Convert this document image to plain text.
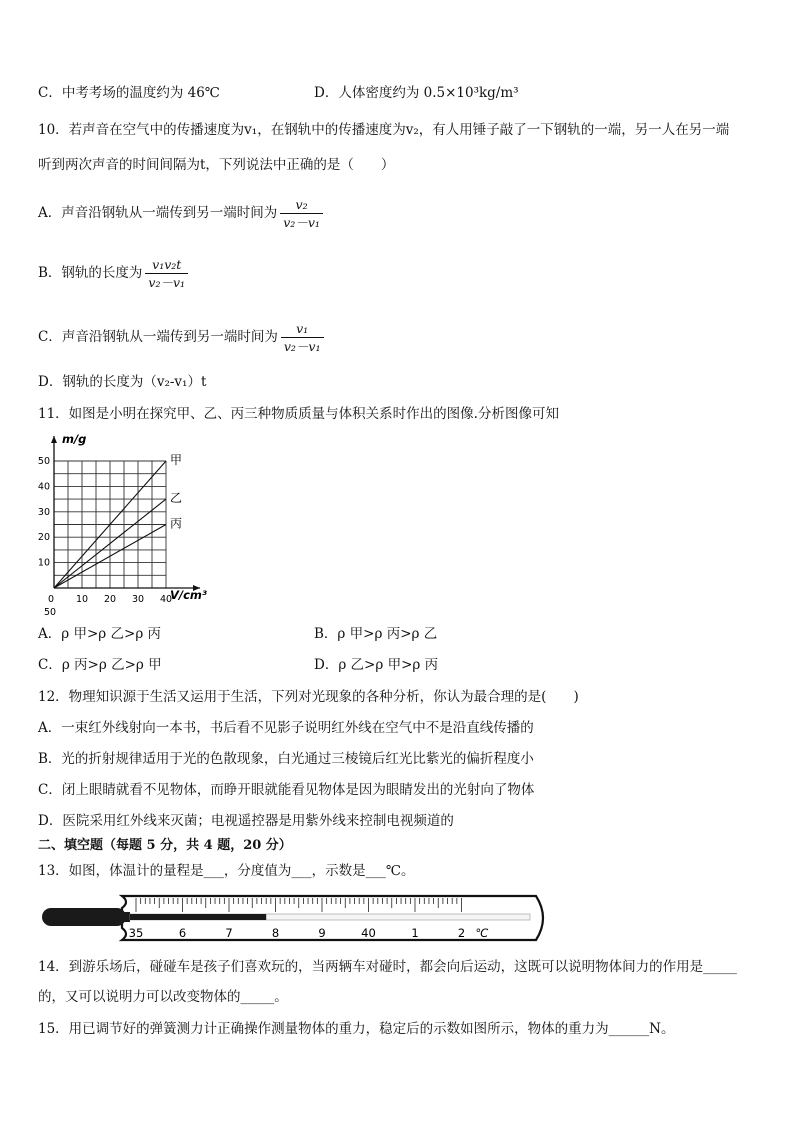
C．中考考场的温度约为 46℃	D．人体密度约为 0.5×10³kg/m³
10．若声音在空气中的传播速度为v₁，在钢轨中的传播速度为v₂，有人用锤子敲了一下钢轨的一端，另一人在另一端
听到两次声音的时间间隔为t，下列说法中正确的是（　　）
A．声音沿钢轨从一端传到另一端时间为 $\frac{\text{v₂}}{\text{v₂－v₁}}$
B．钢轨的长度为 $\frac{\text{v₁v₂t}}{\text{v₂－v₁}}$
C．声音沿钢轨从一端传到另一端时间为 $\frac{\text{v₁}}{\text{v₂－v₁}}$
D．钢轨的长度为（v₂-v₁）t
11．如图是小明在探究甲、乙、丙三种物质质量与体积关系时作出的图像.分析图像可知
甲
乙
丙
0 10 20 30 40
10
20
30
40
50
50
m/g
V/cm³
A．ρ 甲>ρ 乙>ρ 丙	B．ρ 甲>ρ 丙>ρ 乙
C．ρ 丙>ρ 乙>ρ 甲	D．ρ 乙>ρ 甲>ρ 丙
12．物理知识源于生活又运用于生活，下列对光现象的各种分析，你认为最合理的是(　　)
A．一束红外线射向一本书，书后看不见影子说明红外线在空气中不是沿直线传播的
B．光的折射规律适用于光的色散现象，白光通过三棱镜后红光比紫光的偏折程度小
C．闭上眼睛就看不见物体，而睁开眼就能看见物体是因为眼睛发出的光射向了物体
D．医院采用红外线来灭菌；电视遥控器是用紫外线来控制电视频道的
二、填空题（每题 5 分，共 4 题，20 分）
13．如图，体温计的量程是___，分度值为___，示数是___℃。
35	6	7	8	9	40	1	2 ℃
14．到游乐场后，碰碰车是孩子们喜欢玩的，当两辆车对碰时，都会向后运动，这既可以说明物体间力的作用是_____
的，又可以说明力可以改变物体的_____。
15．用已调节好的弹簧测力计正确操作测量物体的重力，稳定后的示数如图所示，物体的重力为______N。
